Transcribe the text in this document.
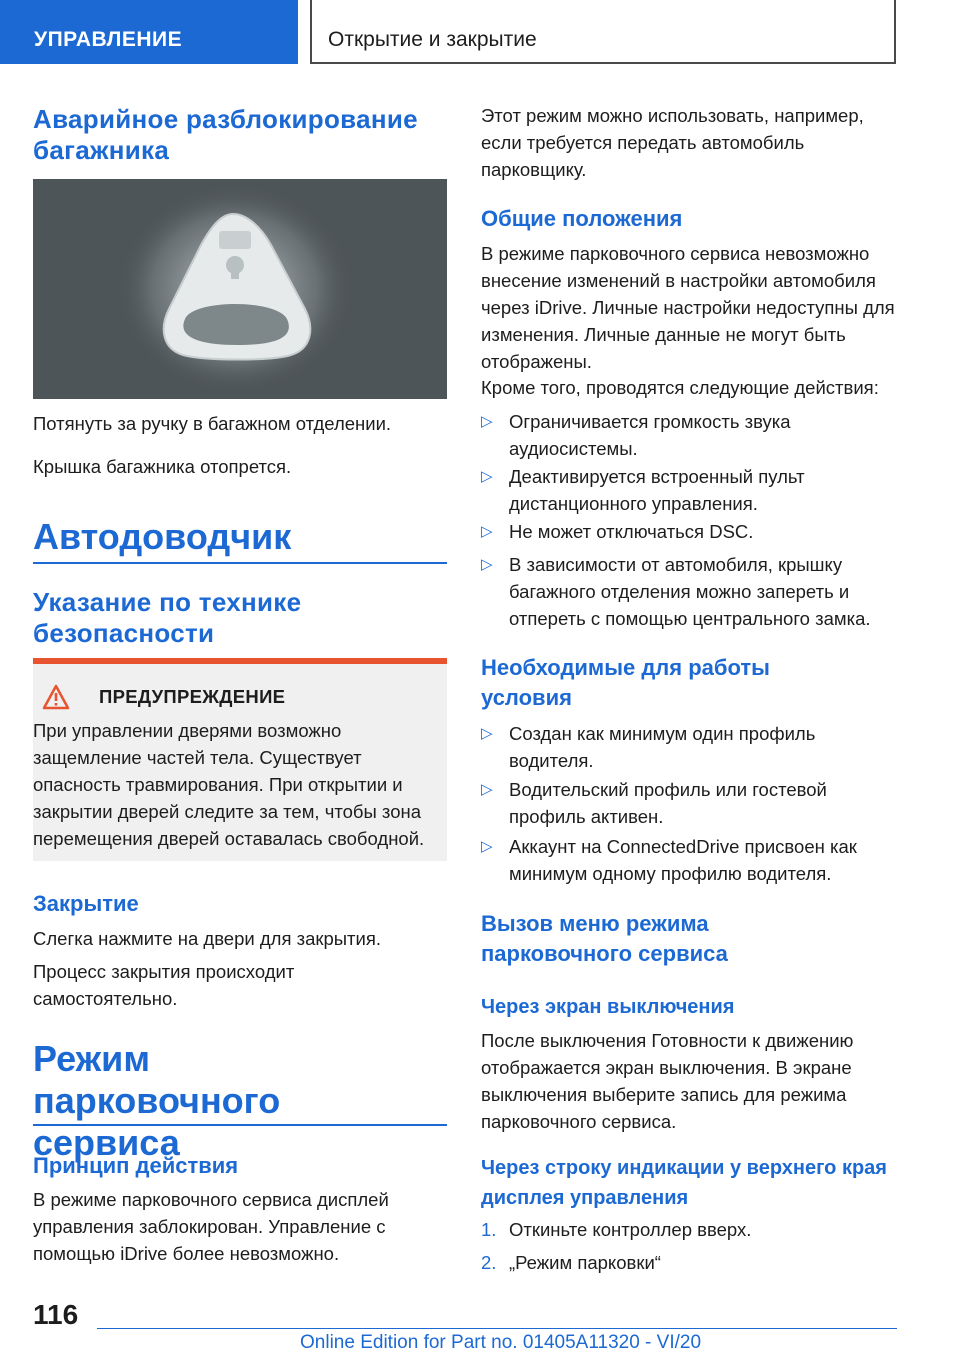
УПРАВЛЕНИЕ	Открытие и закрытие
Аварийное разблокирование багажника

Потянуть за ручку в багажном отделении.

Крышка багажника отопрется.

Автодоводчик
Указание по технике безопасности
ПРЕДУПРЕЖДЕНИЕ
При управлении дверями возможно защемление частей тела. Существует опасность травмирования. При открытии и закрытии дверей следите за тем, чтобы зона перемещения дверей оставалась свободной.
Закрытие

Слегка нажмите на двери для закрытия.

Процесс закрытия происходит самостоятельно.

Режим парковочного сервиса
Принцип действия

В режиме парковочного сервиса дисплей управления заблокирован. Управление с помощью iDrive более невозможно.

Этот режим можно использовать, например, если требуется передать автомобиль парковщику.

Общие положения

В режиме парковочного сервиса невозможно внесение изменений в настройки автомобиля через iDrive. Личные настройки недоступны для изменения. Личные данные не могут быть отображены.

Кроме того, проводятся следующие действия:

▷ Ограничивается громкость звука аудиосистемы.
▷ Деактивируется встроенный пульт дистанционного управления.
▷ Не может отключаться DSC.
▷ В зависимости от автомобиля, крышку багажного отделения можно запереть и отпереть с помощью центрального замка.
Необходимые для работы условия
▷ Создан как минимум один профиль водителя.
▷ Водительский профиль или гостевой профиль активен.
▷ Аккаунт на ConnectedDrive присвоен как минимум одному профилю водителя.
Вызов меню режима парковочного сервиса
Через экран выключения

После выключения Готовности к движению отображается экран выключения. В экране выключения выберите запись для режима парковочного сервиса.

Через строку индикации у верхнего края дисплея управления
1. Откиньте контроллер вверх.
2. „Режим парковки“
116
Online Edition for Part no. 01405A11320 - VI/20
